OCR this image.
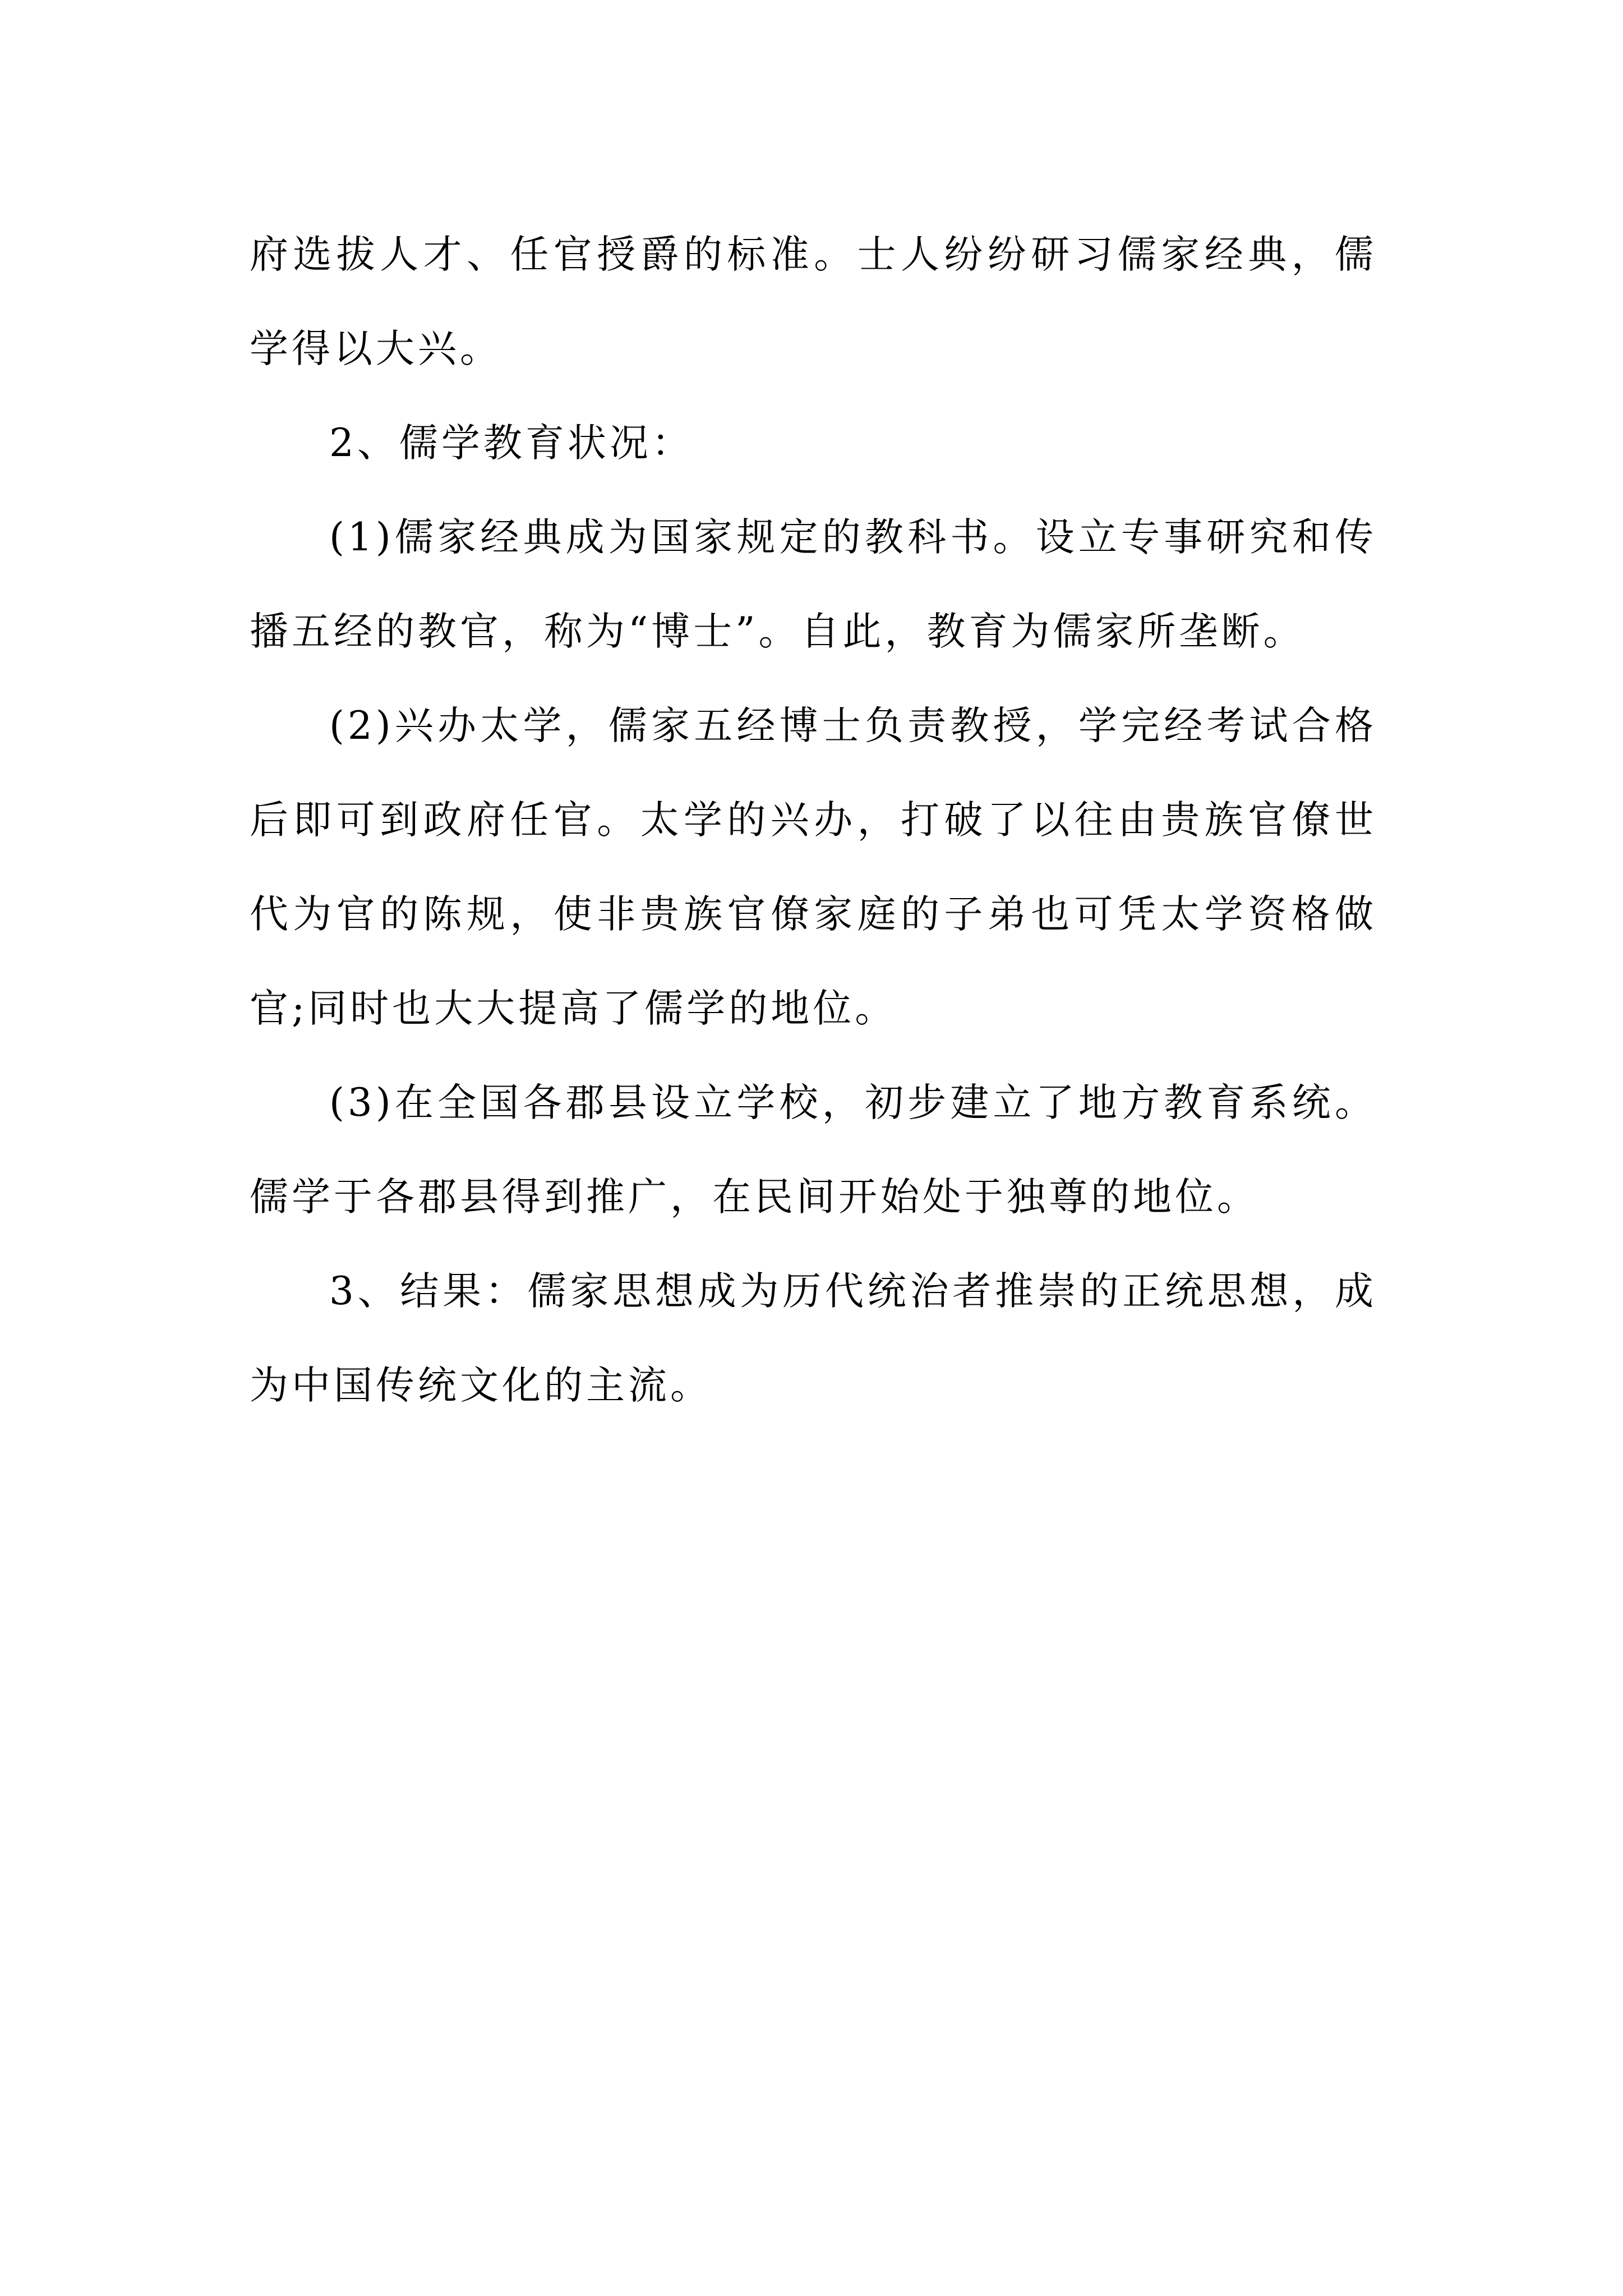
府选拔人才、任官授爵的标准。士人纷纷研习儒家经典，儒学得以大兴。

2、儒学教育状况：

(1)儒家经典成为国家规定的教科书。设立专事研究和传播五经的教官，称为“博士”。自此，教育为儒家所垄断。

(2)兴办太学，儒家五经博士负责教授，学完经考试合格后即可到政府任官。太学的兴办，打破了以往由贵族官僚世代为官的陈规，使非贵族官僚家庭的子弟也可凭太学资格做官;同时也大大提高了儒学的地位。

(3)在全国各郡县设立学校，初步建立了地方教育系统。儒学于各郡县得到推广，在民间开始处于独尊的地位。

3、结果：儒家思想成为历代统治者推崇的正统思想，成为中国传统文化的主流。
